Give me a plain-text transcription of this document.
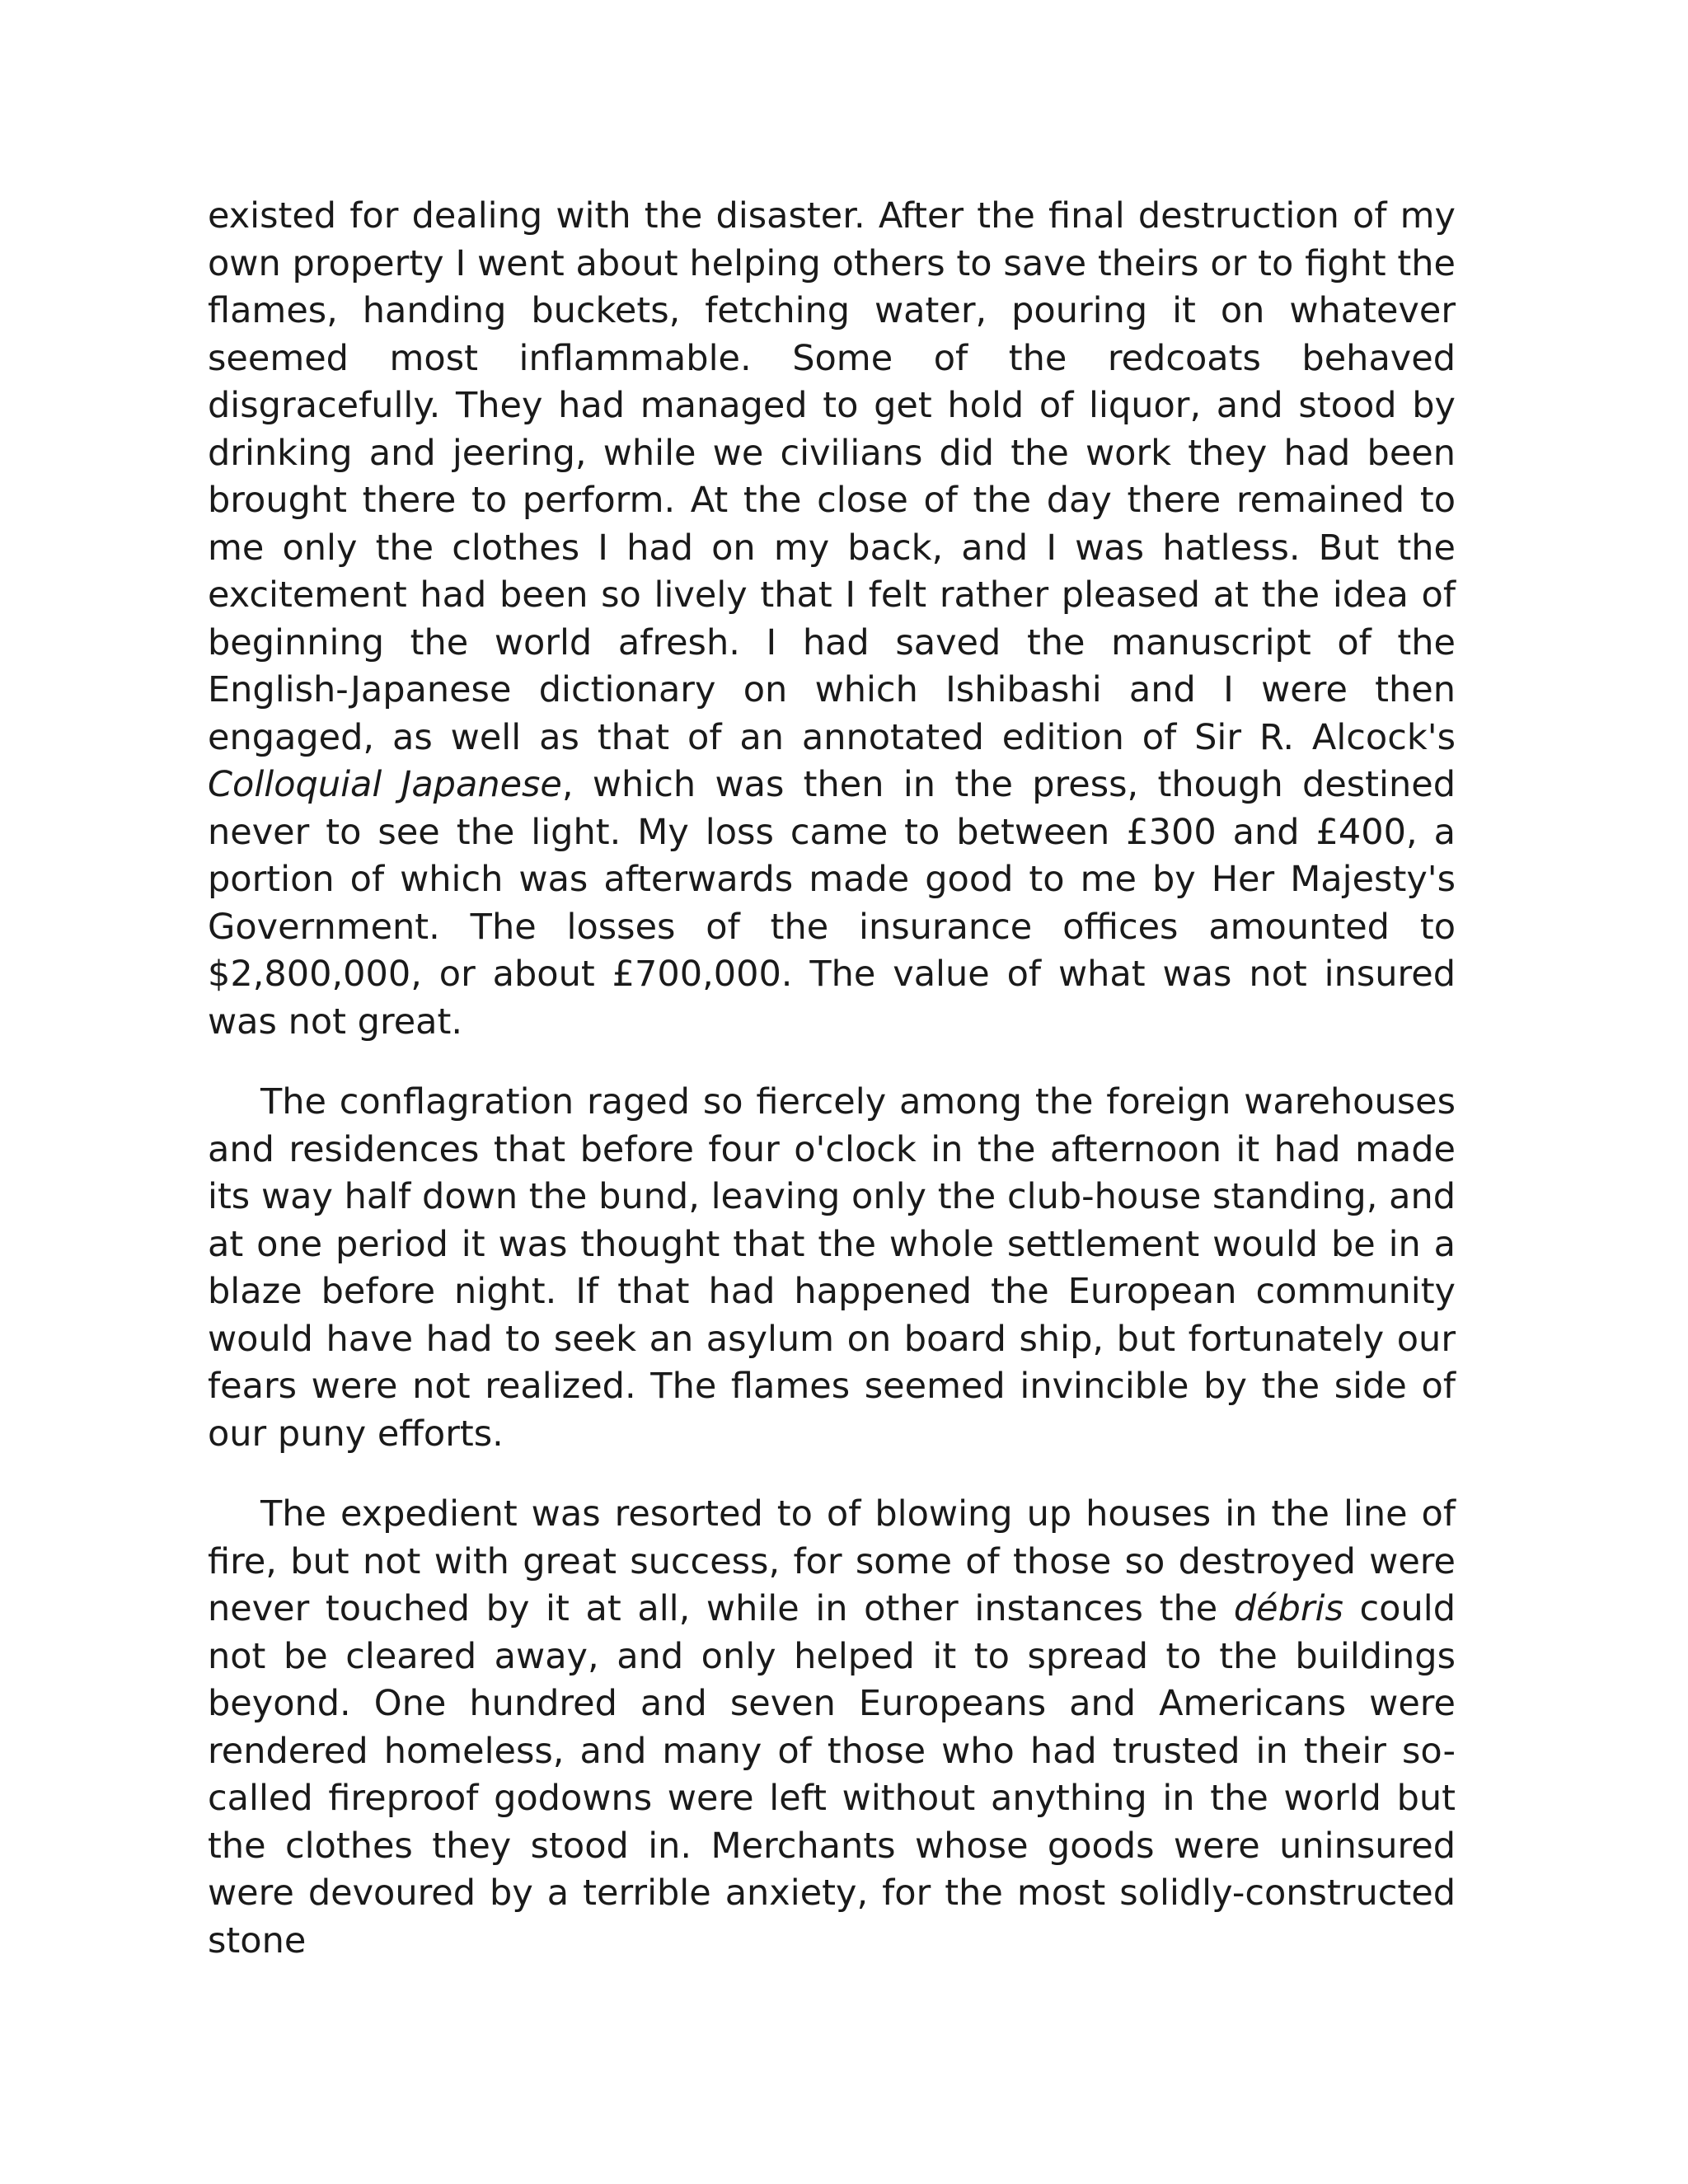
existed for dealing with the disaster. After the final destruction of my own property I went about helping others to save theirs or to fight the flames, handing buckets, fetching water, pouring it on whatever seemed most inflammable. Some of the redcoats behaved disgracefully. They had managed to get hold of liquor, and stood by drinking and jeering, while we civilians did the work they had been brought there to perform. At the close of the day there remained to me only the clothes I had on my back, and I was hatless. But the excitement had been so lively that I felt rather pleased at the idea of beginning the world afresh. I had saved the manuscript of the English-Japanese dictionary on which Ishibashi and I were then engaged, as well as that of an annotated edition of Sir R. Alcock's Colloquial Japanese, which was then in the press, though destined never to see the light. My loss came to between £300 and £400, a portion of which was afterwards made good to me by Her Majesty's Government. The losses of the insurance offices amounted to $2,800,000, or about £700,000. The value of what was not insured was not great.

The conflagration raged so fiercely among the foreign warehouses and residences that before four o'clock in the afternoon it had made its way half down the bund, leaving only the club-house standing, and at one period it was thought that the whole settlement would be in a blaze before night. If that had happened the European community would have had to seek an asylum on board ship, but fortunately our fears were not realized. The flames seemed invincible by the side of our puny efforts.

The expedient was resorted to of blowing up houses in the line of fire, but not with great success, for some of those so destroyed were never touched by it at all, while in other instances the débris could not be cleared away, and only helped it to spread to the buildings beyond. One hundred and seven Europeans and Americans were rendered homeless, and many of those who had trusted in their so-called fireproof godowns were left without anything in the world but the clothes they stood in. Merchants whose goods were uninsured were devoured by a terrible anxiety, for the most solidly-constructed stone
